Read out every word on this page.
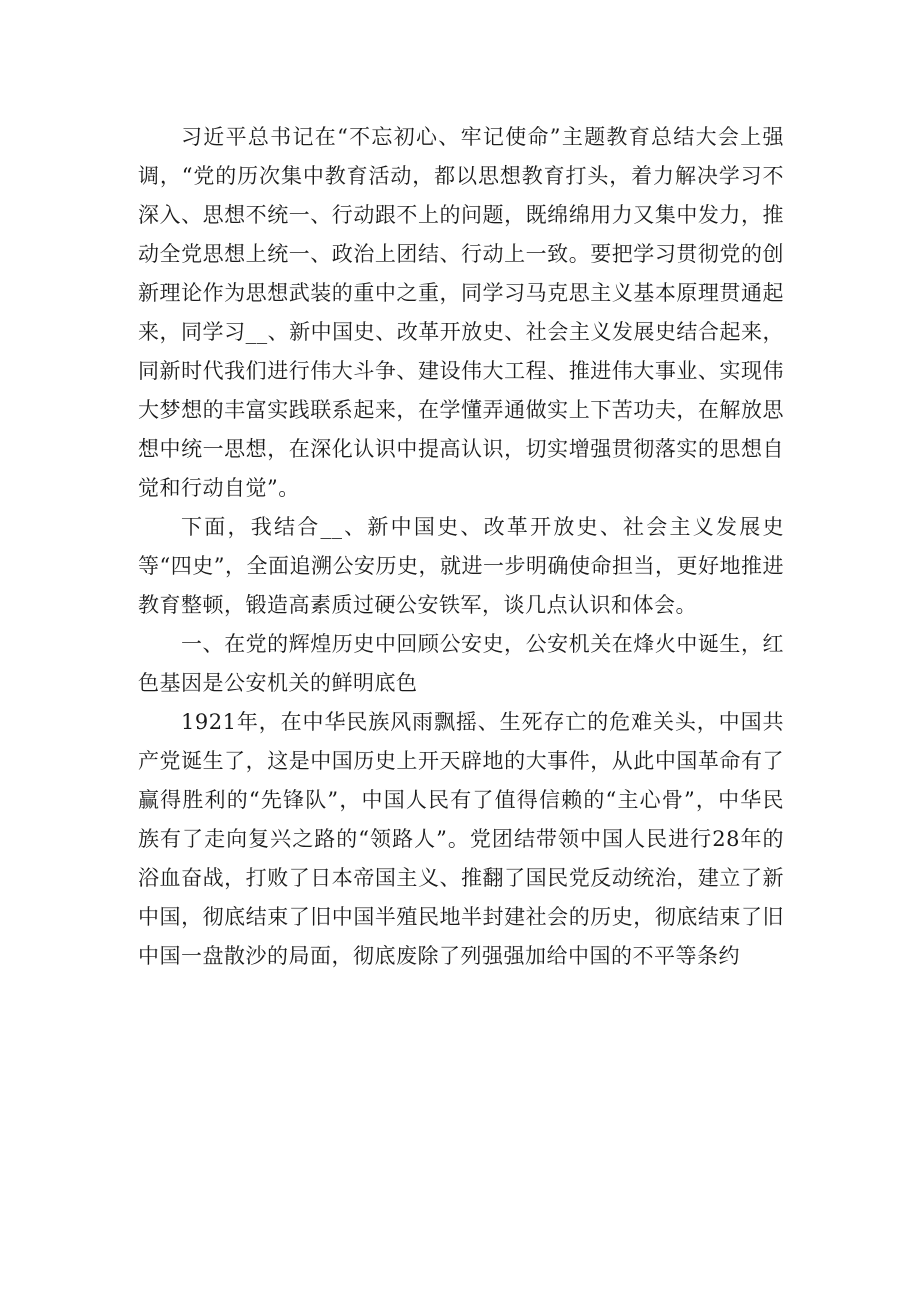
习近平总书记在“不忘初心、牢记使命”主题教育总结大会上强调，“党的历次集中教育活动，都以思想教育打头，着力解决学习不深入、思想不统一、行动跟不上的问题，既绵绵用力又集中发力，推动全党思想上统一、政治上团结、行动上一致。要把学习贯彻党的创新理论作为思想武装的重中之重，同学习马克思主义基本原理贯通起来，同学习__、新中国史、改革开放史、社会主义发展史结合起来，同新时代我们进行伟大斗争、建设伟大工程、推进伟大事业、实现伟大梦想的丰富实践联系起来，在学懂弄通做实上下苦功夫，在解放思想中统一思想，在深化认识中提高认识，切实增强贯彻落实的思想自觉和行动自觉”。

下面，我结合__、新中国史、改革开放史、社会主义发展史等“四史”，全面追溯公安历史，就进一步明确使命担当，更好地推进教育整顿，锻造高素质过硬公安铁军，谈几点认识和体会。

一、在党的辉煌历史中回顾公安史，公安机关在烽火中诞生，红色基因是公安机关的鲜明底色

1921年，在中华民族风雨飘摇、生死存亡的危难关头，中国共产党诞生了，这是中国历史上开天辟地的大事件，从此中国革命有了赢得胜利的“先锋队”，中国人民有了值得信赖的“主心骨”，中华民族有了走向复兴之路的“领路人”。党团结带领中国人民进行28年的浴血奋战，打败了日本帝国主义、推翻了国民党反动统治，建立了新中国，彻底结束了旧中国半殖民地半封建社会的历史，彻底结束了旧中国一盘散沙的局面，彻底废除了列强强加给中国的不平等条约
